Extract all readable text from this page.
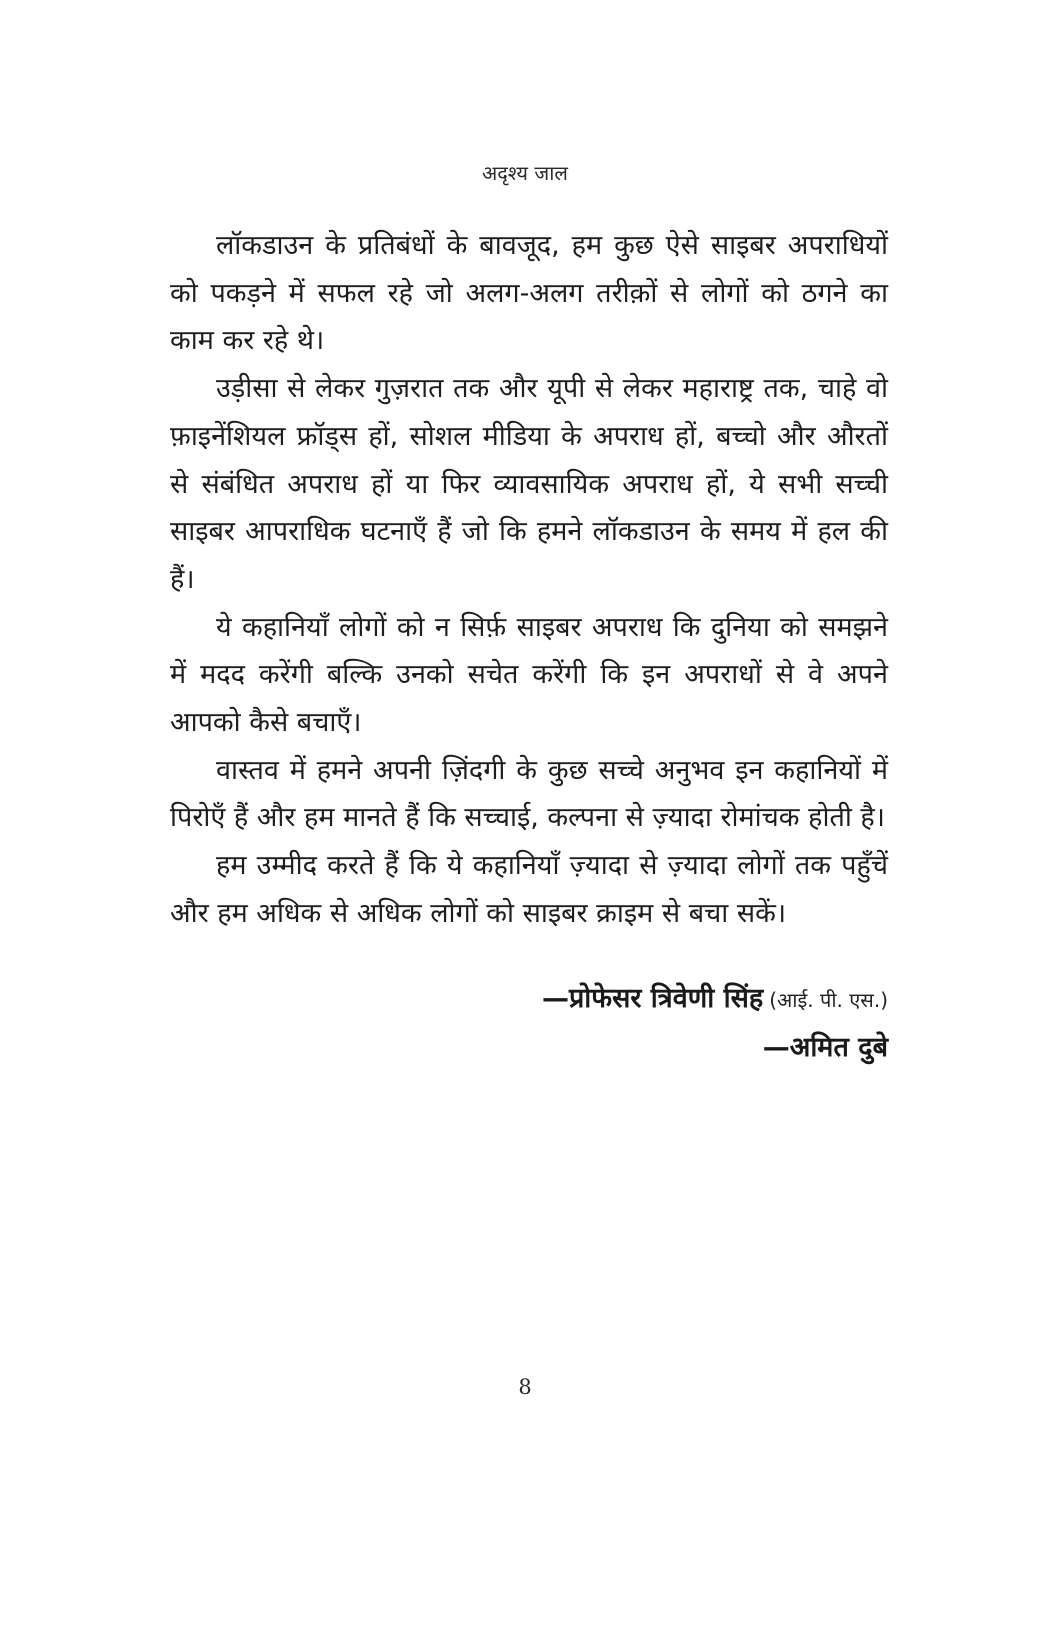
अदृश्य जाल

लॉकडाउन के प्रतिबंधों के बावजूद, हम कुछ ऐसे साइबर अपराधियों को पकड़ने में सफल रहे जो अलग-अलग तरीक़ों से लोगों को ठगने का काम कर रहे थे।

उड़ीसा से लेकर गुज़रात तक और यूपी से लेकर महाराष्ट्र तक, चाहे वो फ़ाइनेंशियल फ्रॉड्स हों, सोशल मीडिया के अपराध हों, बच्चो और औरतों से संबंधित अपराध हों या फिर व्यावसायिक अपराध हों, ये सभी सच्ची साइबर आपराधिक घटनाएँ हैं जो कि हमने लॉकडाउन के समय में हल की हैं।

ये कहानियाँ लोगों को न सिर्फ़ साइबर अपराध कि दुनिया को समझने में मदद करेंगी बल्कि उनको सचेत करेंगी कि इन अपराधों से वे अपने आपको कैसे बचाएँ।

वास्तव में हमने अपनी ज़िंदगी के कुछ सच्चे अनुभव इन कहानियों में पिरोएँ हैं और हम मानते हैं कि सच्चाई, कल्पना से ज़्यादा रोमांचक होती है।

हम उम्मीद करते हैं कि ये कहानियाँ ज़्यादा से ज़्यादा लोगों तक पहुँचें और हम अधिक से अधिक लोगों को साइबर क्राइम से बचा सकें।

—प्रोफेसर त्रिवेणी सिंह (आई. पी. एस.)
—अमित दुबे
8
